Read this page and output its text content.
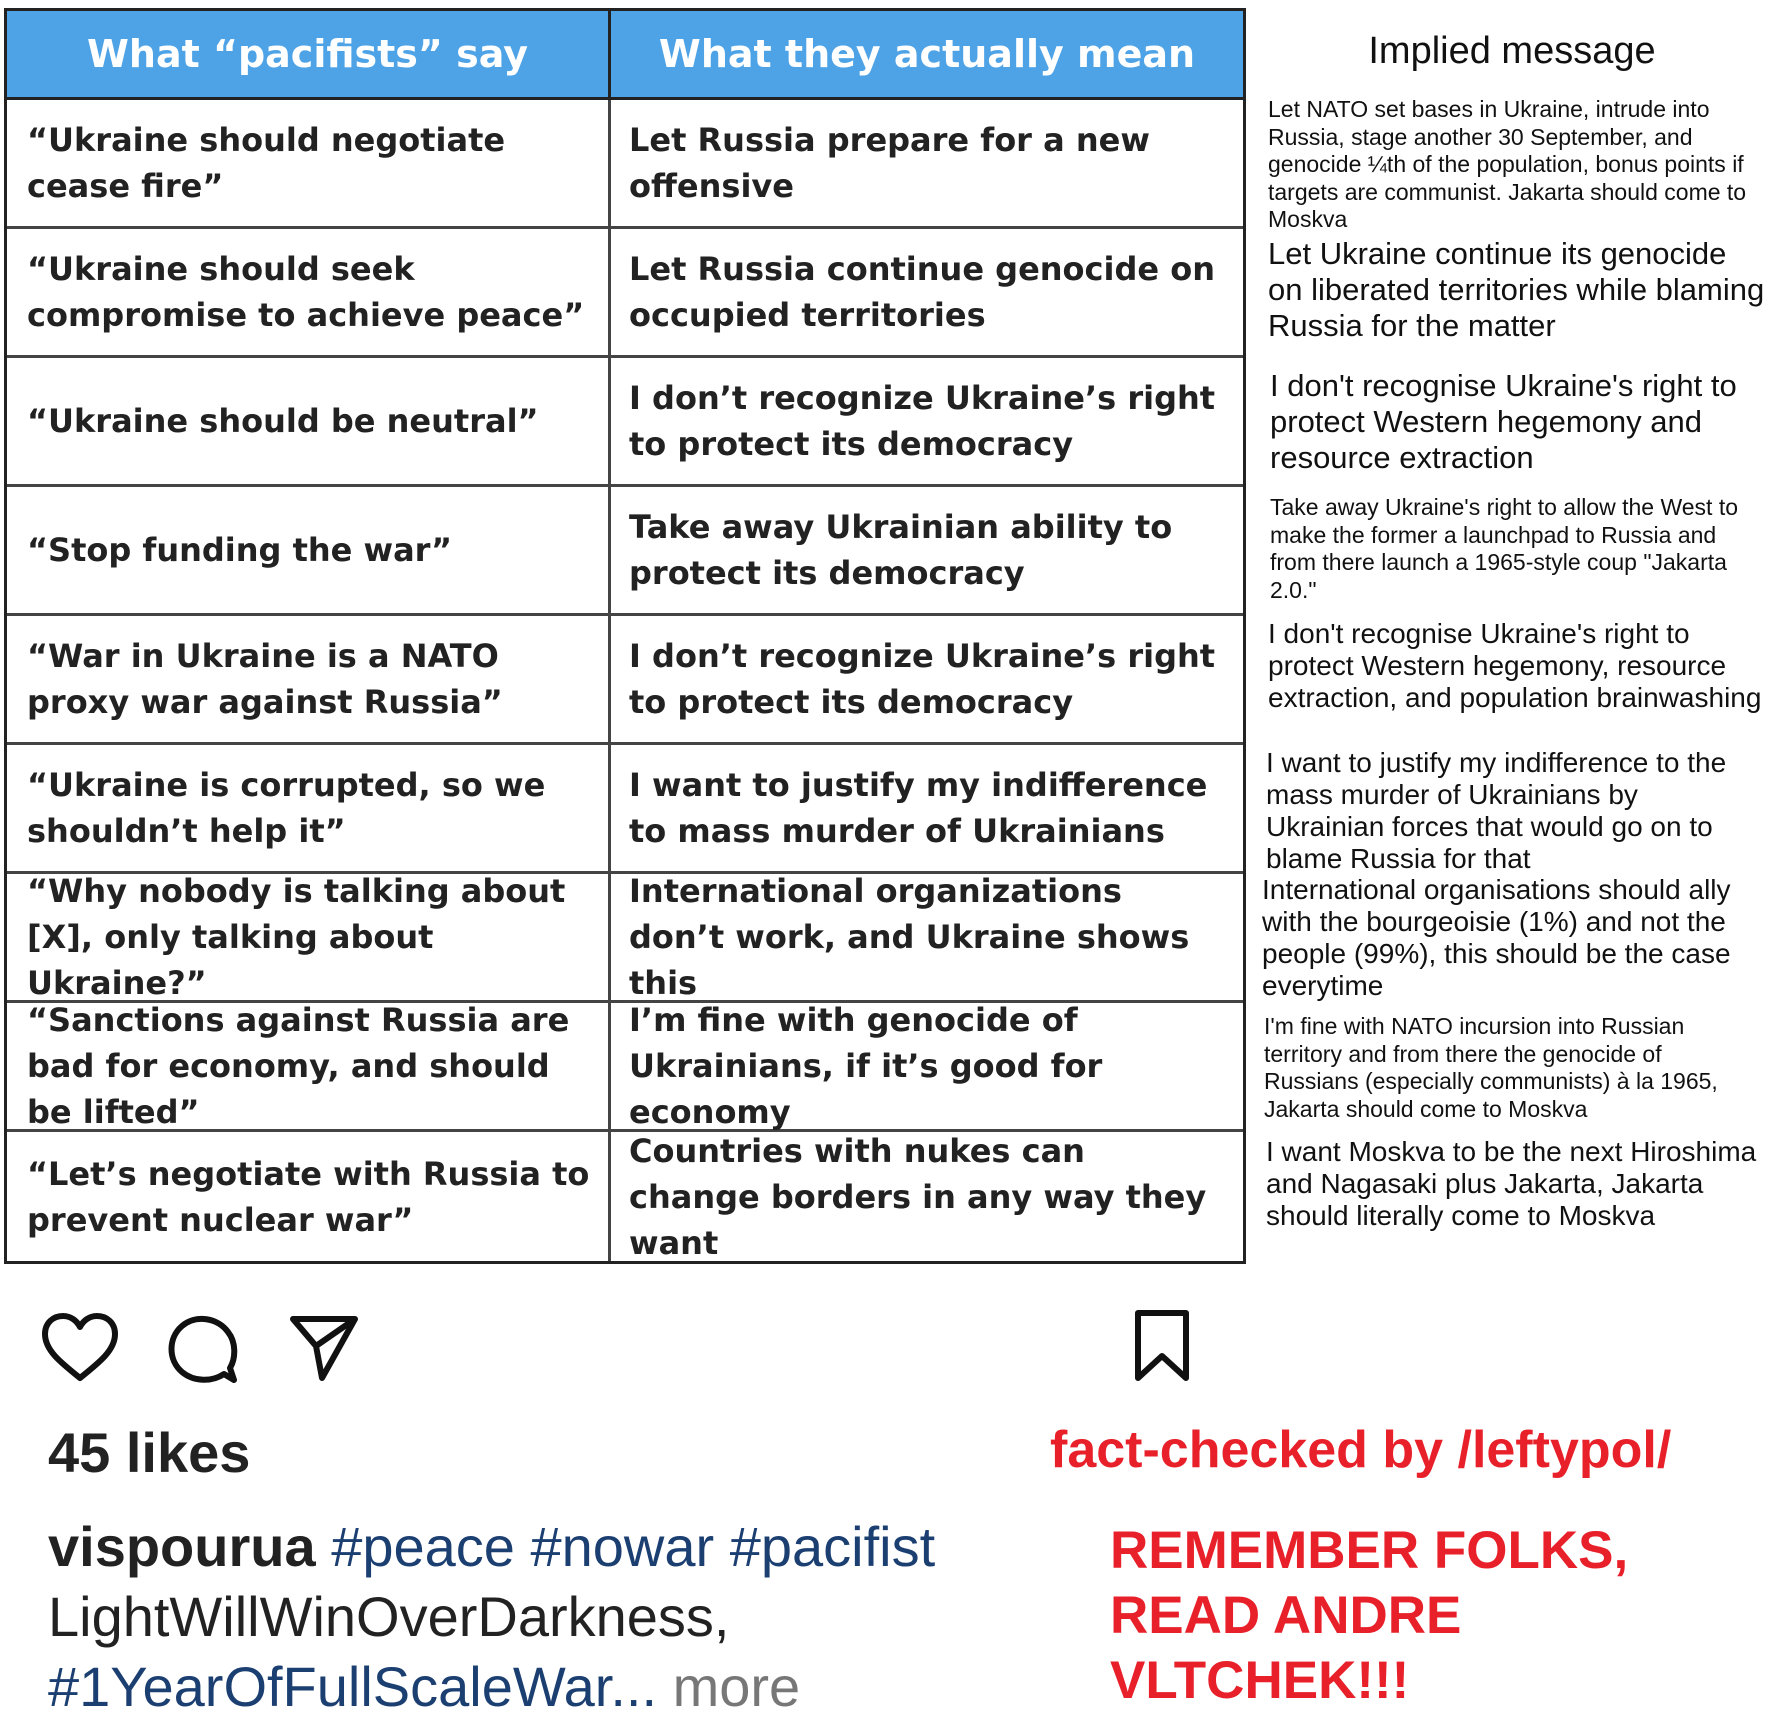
What “pacifists” say	What they actually mean
“Ukraine should negotiate cease fire”
Let Russia prepare for a new offensive
“Ukraine should seek compromise to achieve peace”
Let Russia continue genocide on occupied territories
“Ukraine should be neutral”
I don’t recognize Ukraine’s right to protect its democracy
“Stop funding the war”
Take away Ukrainian ability to protect its democracy
“War in Ukraine is a NATO proxy war against Russia”
I don’t recognize Ukraine’s right to protect its democracy
“Ukraine is corrupted, so we shouldn’t help it”
I want to justify my indifference to mass murder of Ukrainians
“Why nobody is talking about [X], only talking about Ukraine?”
International organizations don’t work, and Ukraine shows this
“Sanctions against Russia are bad for economy, and should be lifted”
I’m fine with genocide of Ukrainians, if it’s good for economy
“Let’s negotiate with Russia to prevent nuclear war”
Countries with nukes can change borders in any way they want
Implied message
Let NATO set bases in Ukraine, intrude into Russia, stage another 30 September, and genocide ¼th of the population, bonus points if targets are communist. Jakarta should come to Moskva
Let Ukraine continue its genocide on liberated territories while blaming Russia for the matter
I don't recognise Ukraine's right to protect Western hegemony and resource extraction
Take away Ukraine's right to allow the West to make the former a launchpad to Russia and from there launch a 1965-style coup "Jakarta 2.0."
I don't recognise Ukraine's right to protect Western hegemony, resource extraction, and population brainwashing
I want to justify my indifference to the mass murder of Ukrainians by Ukrainian forces that would go on to blame Russia for that
International organisations should ally with the bourgeoisie (1%) and not the people (99%), this should be the case everytime
I'm fine with NATO incursion into Russian territory and from there the genocide of Russians (especially communists) à la 1965, Jakarta should come to Moskva
I want Moskva to be the next Hiroshima and Nagasaki plus Jakarta, Jakarta should literally come to Moskva
45 likes
vispourua #peace #nowar #pacifist
LightWillWinOverDarkness,
#1YearOfFullScaleWar... more
fact-checked by /leftypol/
REMEMBER FOLKS,
READ ANDRE
VLTCHEK!!!
